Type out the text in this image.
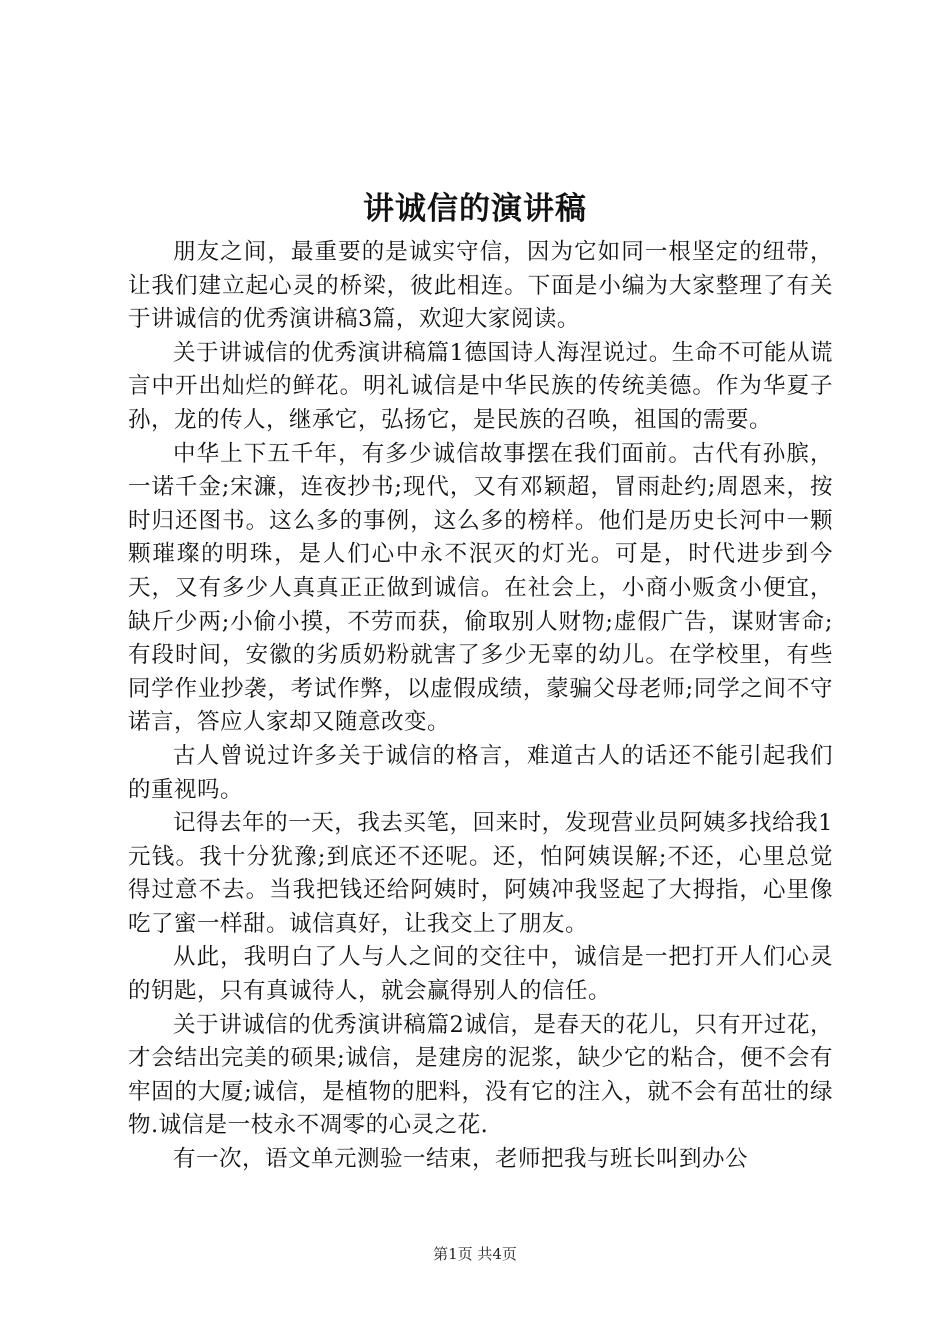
讲诚信的演讲稿

朋友之间，最重要的是诚实守信，因为它如同一根坚定的纽带，让我们建立起心灵的桥梁，彼此相连。下面是小编为大家整理了有关于讲诚信的优秀演讲稿3篇，欢迎大家阅读。

关于讲诚信的优秀演讲稿篇1德国诗人海涅说过。生命不可能从谎言中开出灿烂的鲜花。明礼诚信是中华民族的传统美德。作为华夏子孙，龙的传人，继承它，弘扬它，是民族的召唤，祖国的需要。

中华上下五千年，有多少诚信故事摆在我们面前。古代有孙膑，一诺千金;宋濂，连夜抄书;现代，又有邓颖超，冒雨赴约;周恩来，按时归还图书。这么多的事例，这么多的榜样。他们是历史长河中一颗颗璀璨的明珠，是人们心中永不泯灭的灯光。可是，时代进步到今天，又有多少人真真正正做到诚信。在社会上，小商小贩贪小便宜，缺斤少两;小偷小摸，不劳而获，偷取别人财物;虚假广告，谋财害命;有段时间，安徽的劣质奶粉就害了多少无辜的幼儿。在学校里，有些同学作业抄袭，考试作弊，以虚假成绩，蒙骗父母老师;同学之间不守诺言，答应人家却又随意改变。

古人曾说过许多关于诚信的格言，难道古人的话还不能引起我们的重视吗。

记得去年的一天，我去买笔，回来时，发现营业员阿姨多找给我1元钱。我十分犹豫;到底还不还呢。还，怕阿姨误解;不还，心里总觉得过意不去。当我把钱还给阿姨时，阿姨冲我竖起了大拇指，心里像吃了蜜一样甜。诚信真好，让我交上了朋友。

从此，我明白了人与人之间的交往中，诚信是一把打开人们心灵的钥匙，只有真诚待人，就会赢得别人的信任。

关于讲诚信的优秀演讲稿篇2诚信，是春天的花儿，只有开过花，才会结出完美的硕果;诚信，是建房的泥浆，缺少它的粘合，便不会有牢固的大厦;诚信，是植物的肥料，没有它的注入，就不会有茁壮的绿物.诚信是一枝永不凋零的心灵之花.

有一次，语文单元测验一结束，老师把我与班长叫到办公

第1页 共4页
